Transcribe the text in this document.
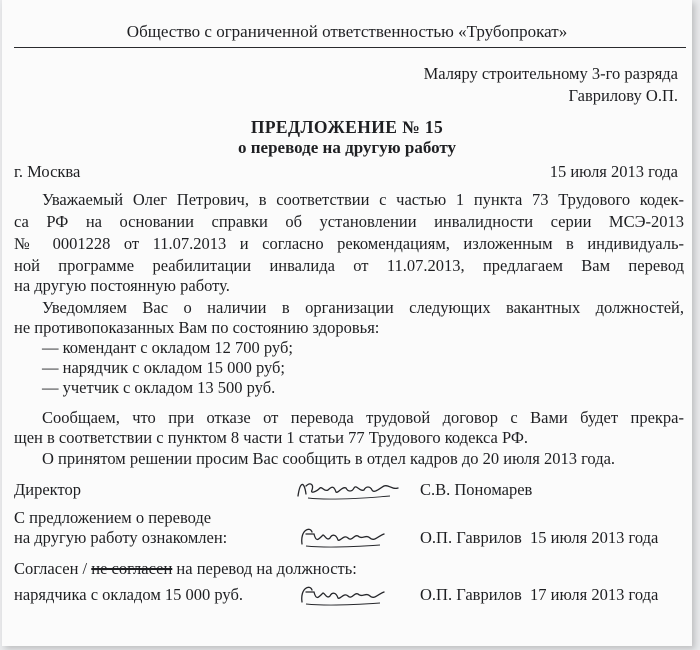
Общество с ограниченной ответственностью «Трубопрокат»
Маляру строительному 3-го разряда
Гаврилову О.П.
ПРЕДЛОЖЕНИЕ № 15
о переводе на другую работу
г. Москва	15 июля 2013 года
Уважаемый Олег Петрович, в соответствии с частью 1 пункта 73 Трудового кодек-
са РФ на основании справки об установлении инвалидности серии МСЭ-2013
№ 0001228 от 11.07.2013 и согласно рекомендациям, изложенным в индивидуаль-
ной программе реабилитации инвалида от 11.07.2013, предлагаем Вам перевод
на другую постоянную работу.
Уведомляем Вас о наличии в организации следующих вакантных должностей,
не противопоказанных Вам по состоянию здоровья:
— комендант с окладом 12 700 руб;
— нарядчик с окладом 15 000 руб;
— учетчик с окладом 13 500 руб.
Сообщаем, что при отказе от перевода трудовой договор с Вами будет прекра-
щен в соответствии с пунктом 8 части 1 статьи 77 Трудового кодекса РФ.
О принятом решении просим Вас сообщить в отдел кадров до 20 июля 2013 года.
Директор	С.В. Пономарев
С предложением о переводе
на другую работу ознакомлен:	О.П. Гаврилов  15 июля 2013 года
Согласен / не согласен на перевод на должность:
нарядчика с окладом 15 000 руб.	О.П. Гаврилов  17 июля 2013 года
